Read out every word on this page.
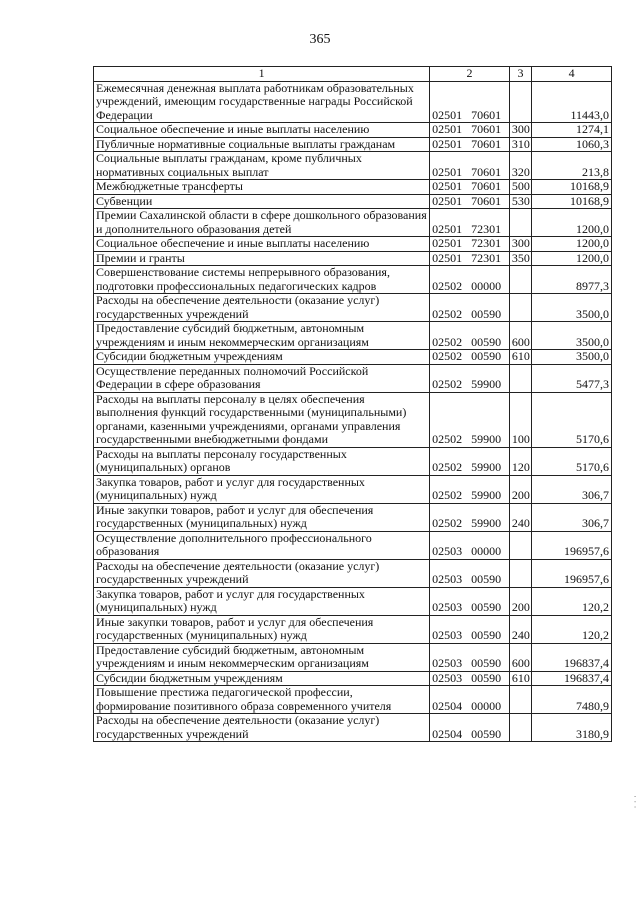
365
1	2	3	4
Ежемесячная денежная выплата работникам образовательных учреждений, имеющим государственные награды Российской Федерации	02501 70601		11443,0
Социальное обеспечение и иные выплаты населению	02501 70601	300	1274,1
Публичные нормативные социальные выплаты гражданам	02501 70601	310	1060,3
Социальные выплаты гражданам, кроме публичных нормативных социальных выплат	02501 70601	320	213,8
Межбюджетные трансферты	02501 70601	500	10168,9
Субвенции	02501 70601	530	10168,9
Премии Сахалинской области в сфере дошкольного образования и дополнительного образования детей	02501 72301		1200,0
Социальное обеспечение и иные выплаты населению	02501 72301	300	1200,0
Премии и гранты	02501 72301	350	1200,0
Совершенствование системы непрерывного образования, подготовки профессиональных педагогических кадров	02502 00000		8977,3
Расходы на обеспечение деятельности (оказание услуг) государственных учреждений	02502 00590		3500,0
Предоставление субсидий бюджетным, автономным учреждениям и иным некоммерческим организациям	02502 00590	600	3500,0
Субсидии бюджетным учреждениям	02502 00590	610	3500,0
Осуществление переданных полномочий Российской Федерации в сфере образования	02502 59900		5477,3
Расходы на выплаты персоналу в целях обеспечения выполнения функций государственными (муниципальными) органами, казенными учреждениями, органами управления государственными внебюджетными фондами	02502 59900	100	5170,6
Расходы на выплаты персоналу государственных (муниципальных) органов	02502 59900	120	5170,6
Закупка товаров, работ и услуг для государственных (муниципальных) нужд	02502 59900	200	306,7
Иные закупки товаров, работ и услуг для обеспечения государственных (муниципальных) нужд	02502 59900	240	306,7
Осуществление дополнительного профессионального образования	02503 00000		196957,6
Расходы на обеспечение деятельности (оказание услуг) государственных учреждений	02503 00590		196957,6
Закупка товаров, работ и услуг для государственных (муниципальных) нужд	02503 00590	200	120,2
Иные закупки товаров, работ и услуг для обеспечения государственных (муниципальных) нужд	02503 00590	240	120,2
Предоставление субсидий бюджетным, автономным учреждениям и иным некоммерческим организациям	02503 00590	600	196837,4
Субсидии бюджетным учреждениям	02503 00590	610	196837,4
Повышение престижа педагогической профессии, формирование позитивного образа современного учителя	02504 00000		7480,9
Расходы на обеспечение деятельности (оказание услуг) государственных учреждений	02504 00590		3180,9
· · ·
